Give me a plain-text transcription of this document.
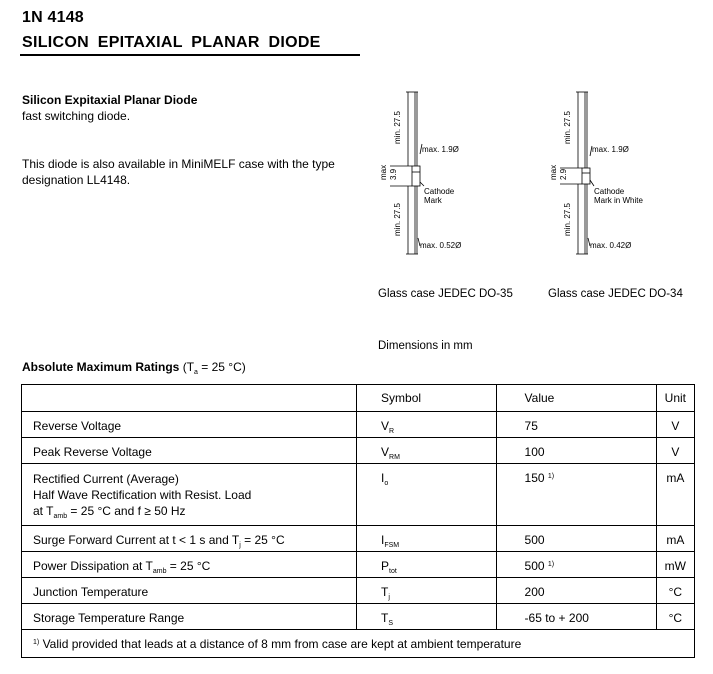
1N 4148
SILICON EPITAXIAL PLANAR DIODE
Silicon Expitaxial Planar Diode
fast switching diode.
This diode is also available in MiniMELF case with the type
designation LL4148.
min. 27.5
max 3.9
min. 27.5
max. 1.9Ø
Cathode
Mark
max. 0.52Ø
min. 27.5
max 2.9
min. 27.5
max. 1.9Ø
Cathode
Mark in White
max. 0.42Ø
Glass case JEDEC DO-35	Glass case JEDEC DO-34
Dimensions in mm
Absolute Maximum Ratings ($T_a = 25$ °C)
	Symbol	Value	Unit
Reverse Voltage	$V_R$	75	V
Peak Reverse Voltage	$V_{RM}$	100	V

Rectified Current (Average)
Half Wave Rectification with Resist. Load
at $T_{amb} = 25$ °C and f ≥ 50 Hz	$I_o$	150 $^{1)}$	mA
Surge Forward Current at t < 1 s and $T_j = 25$ °C	$I_{FSM}$	500	mA
Power Dissipation at $T_{amb} = 25$ °C	$P_{tot}$	500 $^{1)}$	mW
Junction Temperature	$T_j$	200	°C
Storage Temperature Range	$T_S$	-65 to + 200	°C
$^{1)}$ Valid provided that leads at a distance of 8 mm from case are kept at ambient temperature			
